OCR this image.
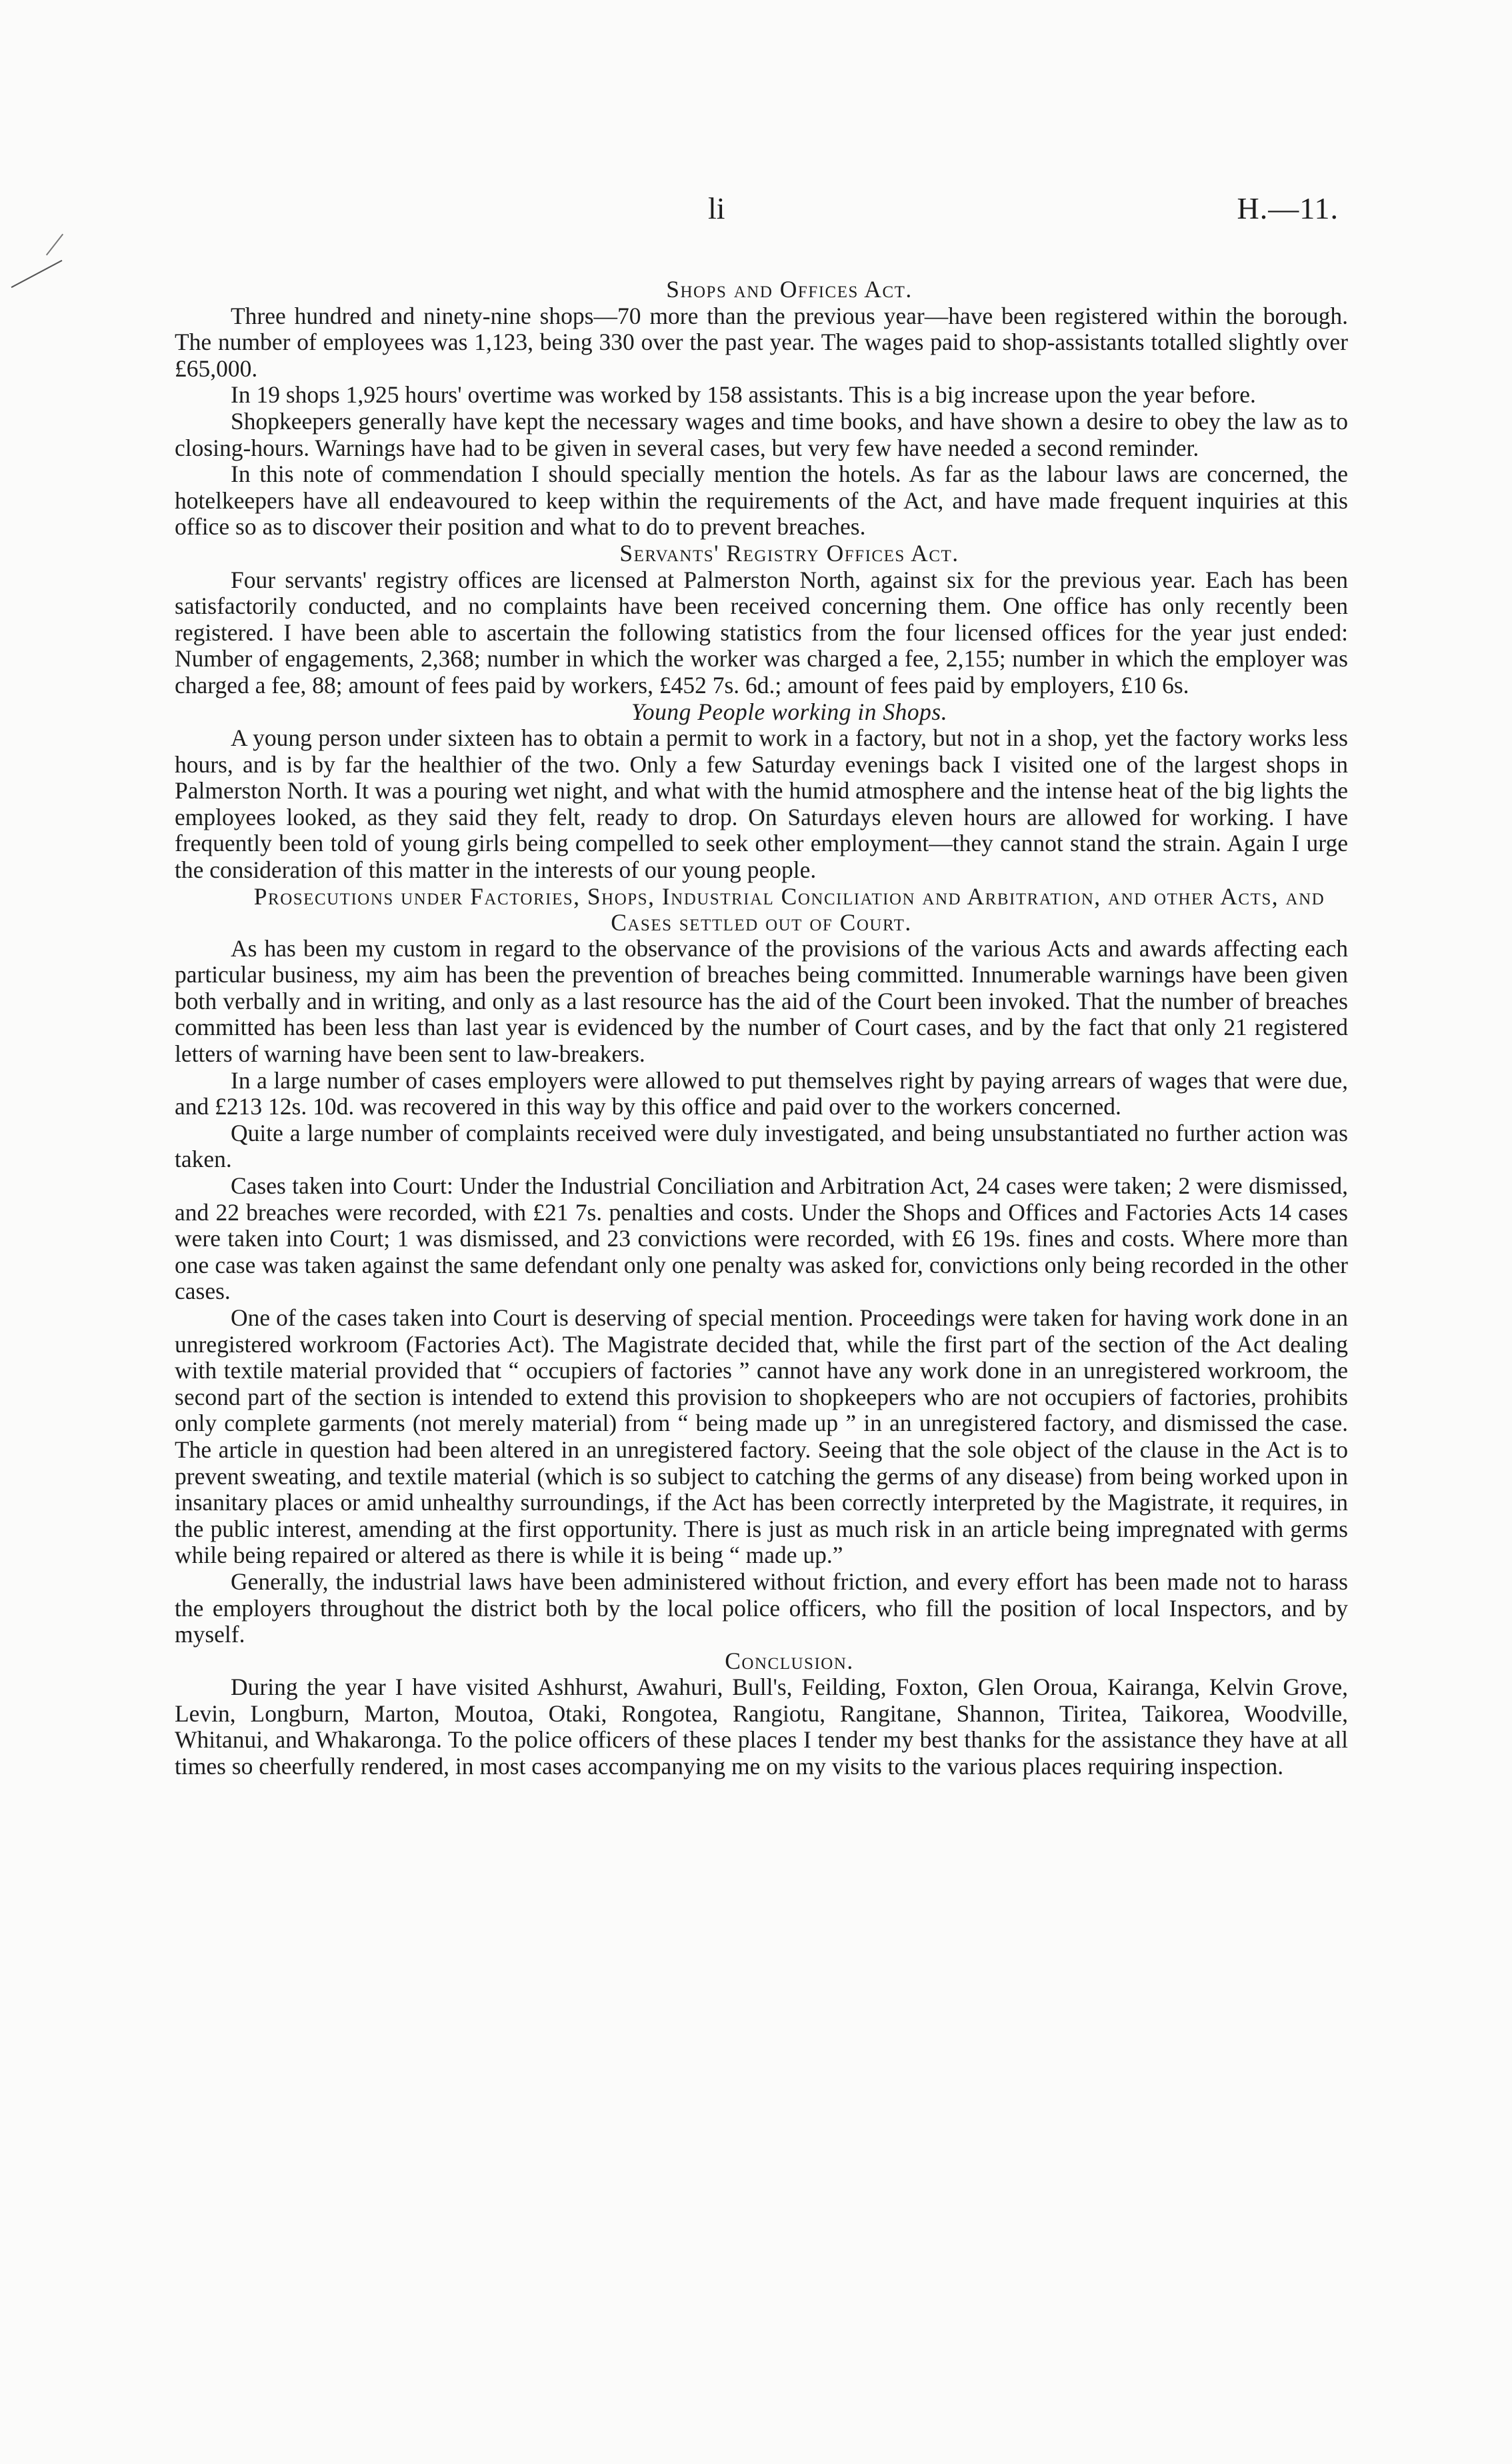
li	H.—11.

Shops and Offices Act.

Three hundred and ninety-nine shops—70 more than the previous year—have been registered within the borough. The number of employees was 1,123, being 330 over the past year. The wages paid to shop-assistants totalled slightly over £65,000.

In 19 shops 1,925 hours' overtime was worked by 158 assistants. This is a big increase upon the year before.

Shopkeepers generally have kept the necessary wages and time books, and have shown a desire to obey the law as to closing-hours. Warnings have had to be given in several cases, but very few have needed a second reminder.

In this note of commendation I should specially mention the hotels. As far as the labour laws are concerned, the hotelkeepers have all endeavoured to keep within the requirements of the Act, and have made frequent inquiries at this office so as to discover their position and what to do to prevent breaches.

Servants' Registry Offices Act.

Four servants' registry offices are licensed at Palmerston North, against six for the previous year. Each has been satisfactorily conducted, and no complaints have been received concerning them. One office has only recently been registered. I have been able to ascertain the following statistics from the four licensed offices for the year just ended: Number of engagements, 2,368; number in which the worker was charged a fee, 2,155; number in which the employer was charged a fee, 88; amount of fees paid by workers, £452 7s. 6d.; amount of fees paid by employers, £10 6s.

Young People working in Shops.

A young person under sixteen has to obtain a permit to work in a factory, but not in a shop, yet the factory works less hours, and is by far the healthier of the two. Only a few Saturday evenings back I visited one of the largest shops in Palmerston North. It was a pouring wet night, and what with the humid atmosphere and the intense heat of the big lights the employees looked, as they said they felt, ready to drop. On Saturdays eleven hours are allowed for working. I have frequently been told of young girls being compelled to seek other employment—they cannot stand the strain. Again I urge the consideration of this matter in the interests of our young people.

Prosecutions under Factories, Shops, Industrial Conciliation and Arbitration, and other Acts, and Cases settled out of Court.

As has been my custom in regard to the observance of the provisions of the various Acts and awards affecting each particular business, my aim has been the prevention of breaches being committed. Innumerable warnings have been given both verbally and in writing, and only as a last resource has the aid of the Court been invoked. That the number of breaches committed has been less than last year is evidenced by the number of Court cases, and by the fact that only 21 registered letters of warning have been sent to law-breakers.

In a large number of cases employers were allowed to put themselves right by paying arrears of wages that were due, and £213 12s. 10d. was recovered in this way by this office and paid over to the workers concerned.

Quite a large number of complaints received were duly investigated, and being unsubstantiated no further action was taken.

Cases taken into Court: Under the Industrial Conciliation and Arbitration Act, 24 cases were taken; 2 were dismissed, and 22 breaches were recorded, with £21 7s. penalties and costs. Under the Shops and Offices and Factories Acts 14 cases were taken into Court; 1 was dismissed, and 23 convictions were recorded, with £6 19s. fines and costs. Where more than one case was taken against the same defendant only one penalty was asked for, convictions only being recorded in the other cases.

One of the cases taken into Court is deserving of special mention. Proceedings were taken for having work done in an unregistered workroom (Factories Act). The Magistrate decided that, while the first part of the section of the Act dealing with textile material provided that “ occupiers of factories ” cannot have any work done in an unregistered workroom, the second part of the section is intended to extend this provision to shopkeepers who are not occupiers of factories, prohibits only complete garments (not merely material) from “ being made up ” in an unregistered factory, and dismissed the case. The article in question had been altered in an unregistered factory. Seeing that the sole object of the clause in the Act is to prevent sweating, and textile material (which is so subject to catching the germs of any disease) from being worked upon in insanitary places or amid unhealthy surroundings, if the Act has been correctly interpreted by the Magistrate, it requires, in the public interest, amending at the first opportunity. There is just as much risk in an article being impregnated with germs while being repaired or altered as there is while it is being “ made up.”

Generally, the industrial laws have been administered without friction, and every effort has been made not to harass the employers throughout the district both by the local police officers, who fill the position of local Inspectors, and by myself.

Conclusion.

During the year I have visited Ashhurst, Awahuri, Bull's, Feilding, Foxton, Glen Oroua, Kairanga, Kelvin Grove, Levin, Longburn, Marton, Moutoa, Otaki, Rongotea, Rangiotu, Rangitane, Shannon, Tiritea, Taikorea, Woodville, Whitanui, and Whakaronga. To the police officers of these places I tender my best thanks for the assistance they have at all times so cheerfully rendered, in most cases accompanying me on my visits to the various places requiring inspection.
